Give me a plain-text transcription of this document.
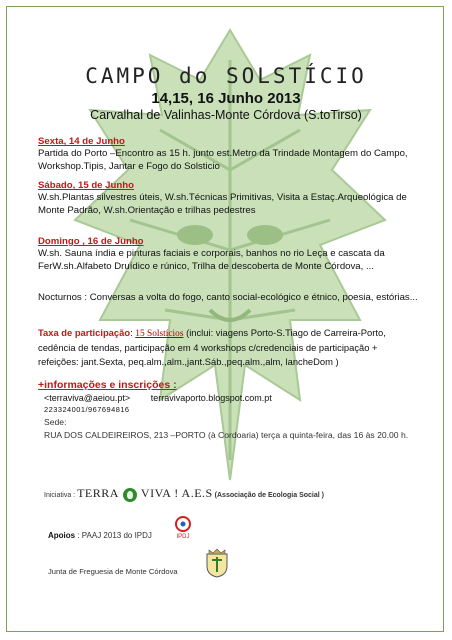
CAMPO do SOLSTÍCIO
14,15, 16 Junho 2013
Carvalhal de Valinhas-Monte Córdova (S.toTirso)
Sexta, 14 de Junho
Partida do Porto –Encontro as 15 h. junto est.Metro da Trindade Montagem do Campo, Workshop.Tipis, Jantar e Fogo do Solsticio
Sábado, 15 de Junho
W.sh.Plantas silvestres úteis, W.sh.Técnicas Primitivas, Visita a Estaç.Arqueológica de Monte Padrão, W.sh.Orientação e trilhas pedestres
Domingo , 16 de Junho
W.sh. Sauna índia e pinturas faciais e corporais, banhos no rio Leça e cascata da FerW.sh.Alfabeto Druídico e rúnico, Trilha de descoberta de Monte Córdova, ...
Nocturnos : Conversas a volta do fogo, canto social-ecológico e étnico, poesia, estórias...
Taxa de participação: 15 Solstícios (inclui: viagens Porto-S.Tiago de Carreira-Porto, cedência de tendas, participação em 4 workshops c/credenciais de participação + refeições: jant.Sexta, peq.alm.,alm.,jant.Sáb.,peq.alm.,alm, lancheDom )
+informações e inscrições :
<terraviva@aeiou.pt> terravivaporto.blogspot.com.pt
223324001/967694816
Sede:
RUA DOS CALDEIREIROS, 213 –PORTO (à Cordoaria) terça a quinta-feira, das 16 às 20.00 h.
Iniciativa : TERRA VIVA ! A.E.S (Associação de Ecologia Social )
IPDJ
Apoios : PAAJ 2013 do IPDJ
Junta de Freguesia de Monte Córdova
